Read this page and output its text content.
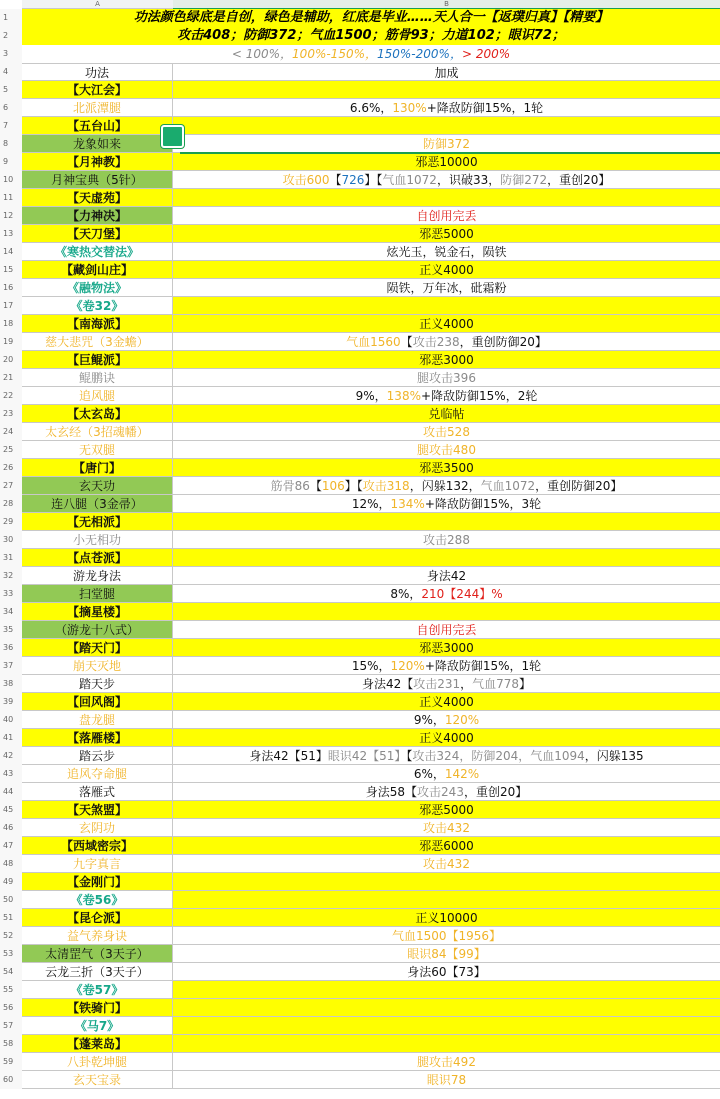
A	B
1	功法颜色绿底是自创，绿色是辅助，红底是毕业……天人合一【返璞归真】【精要】
2	攻击408；防御372；气血1500；筋骨93；力道102；眼识72；
3	< 100%，100%-150%，150%-200%，> 200%
4	功法	加成
5	【大江会】
6	北派潭腿	6.6%，130%+降敌防御15%，1轮
7	【五台山】
8	龙象如来	防御372
9	【月神教】	邪恶10000
10	月神宝典（5针）	攻击600【726】【气血1072，识破33，防御272，重创20】
11	【天虚苑】
12	【力神决】	自创用完丢
13	【天刀堡】	邪恶5000
14	《寒热交替法》	炫光玉，锐金石，陨铁
15	【藏剑山庄】	正义4000
16	《融物法》	陨铁，万年冰，砒霜粉
17	《卷32》
18	【南海派】	正义4000
19	慈大悲咒（3金蟾）	气血1560【攻击238，重创防御20】
20	【巨鲲派】	邪恶3000
21	鲲鹏诀	腿攻击396
22	追风腿	9%，138%+降敌防御15%，2轮
23	【太玄岛】	兑临帖
24	太玄经（3招魂幡）	攻击528
25	无双腿	腿攻击480
26	【唐门】	邪恶3500
27	玄天功	筋骨86【106】【攻击318，闪躲132，气血1072，重创防御20】
28	连八腿（3金帚）	12%，134%+降敌防御15%，3轮
29	【无相派】
30	小无相功	攻击288
31	【点苍派】
32	游龙身法	身法42
33	扫堂腿	8%，210【244】%
34	【摘星楼】
35	（游龙十八式）	自创用完丢
36	【踏天门】	邪恶3000
37	崩天灭地	15%，120%+降敌防御15%，1轮
38	踏天步	身法42【攻击231，气血778】
39	【回风阁】	正义4000
40	盘龙腿	9%，120%
41	【落雁楼】	正义4000
42	踏云步	身法42【51】眼识42【51】【攻击324，防御204，气血1094，闪躲135
43	追风夺命腿	6%，142%
44	落雁式	身法58【攻击243，重创20】
45	【天煞盟】	邪恶5000
46	玄阴功	攻击432
47	【西域密宗】	邪恶6000
48	九字真言	攻击432
49	【金刚门】
50	《卷56》
51	【昆仑派】	正义10000
52	益气养身诀	气血1500【1956】
53	太清罡气（3天子）	眼识84【99】
54	云龙三折（3天子）	身法60【73】
55	《卷57》
56	【铁骑门】
57	《马7》
58	【蓬莱岛】
59	八卦乾坤腿	腿攻击492
60	玄天宝录	眼识78
